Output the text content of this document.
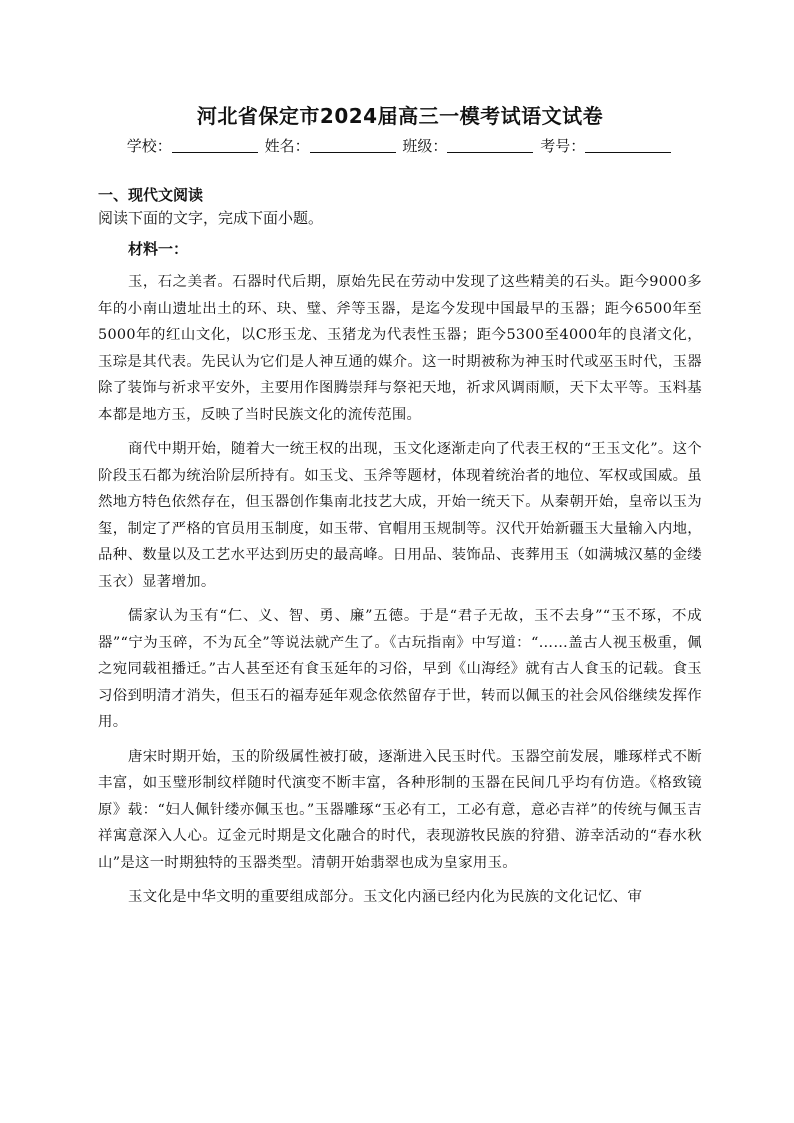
河北省保定市2024届高三一模考试语文试卷
学校：	姓名：	班级：	考号：
一、现代文阅读
阅读下面的文字，完成下面小题。
材料一：

玉，石之美者。石器时代后期，原始先民在劳动中发现了这些精美的石头。距今9000多年的小南山遗址出土的环、玦、璧、斧等玉器，是迄今发现中国最早的玉器；距今6500年至5000年的红山文化，以C形玉龙、玉猪龙为代表性玉器；距今5300至4000年的良渚文化，玉琮是其代表。先民认为它们是人神互通的媒介。这一时期被称为神玉时代或巫玉时代，玉器除了装饰与祈求平安外，主要用作图腾崇拜与祭祀天地，祈求风调雨顺，天下太平等。玉料基本都是地方玉，反映了当时民族文化的流传范围。

商代中期开始，随着大一统王权的出现，玉文化逐渐走向了代表王权的“王玉文化”。这个阶段玉石都为统治阶层所持有。如玉戈、玉斧等题材，体现着统治者的地位、军权或国威。虽然地方特色依然存在，但玉器创作集南北技艺大成，开始一统天下。从秦朝开始，皇帝以玉为玺，制定了严格的官员用玉制度，如玉带、官帽用玉规制等。汉代开始新疆玉大量输入内地，品种、数量以及工艺水平达到历史的最高峰。日用品、装饰品、丧葬用玉（如满城汉墓的金缕玉衣）显著增加。

儒家认为玉有“仁、义、智、勇、廉”五德。于是“君子无故，玉不去身”“玉不琢，不成器”“宁为玉碎，不为瓦全”等说法就产生了。《古玩指南》中写道：“……盖古人视玉极重，佩之宛同载祖播迁。”古人甚至还有食玉延年的习俗，早到《山海经》就有古人食玉的记载。食玉习俗到明清才消失，但玉石的福寿延年观念依然留存于世，转而以佩玉的社会风俗继续发挥作用。

唐宋时期开始，玉的阶级属性被打破，逐渐进入民玉时代。玉器空前发展，雕琢样式不断丰富，如玉璧形制纹样随时代演变不断丰富，各种形制的玉器在民间几乎均有仿造。《格致镜原》载：“妇人佩针缕亦佩玉也。”玉器雕琢“玉必有工，工必有意，意必吉祥”的传统与佩玉吉祥寓意深入人心。辽金元时期是文化融合的时代，表现游牧民族的狩猎、游幸活动的“春水秋山”是这一时期独特的玉器类型。清朝开始翡翠也成为皇家用玉。

玉文化是中华文明的重要组成部分。玉文化内涵已经内化为民族的文化记忆、审
